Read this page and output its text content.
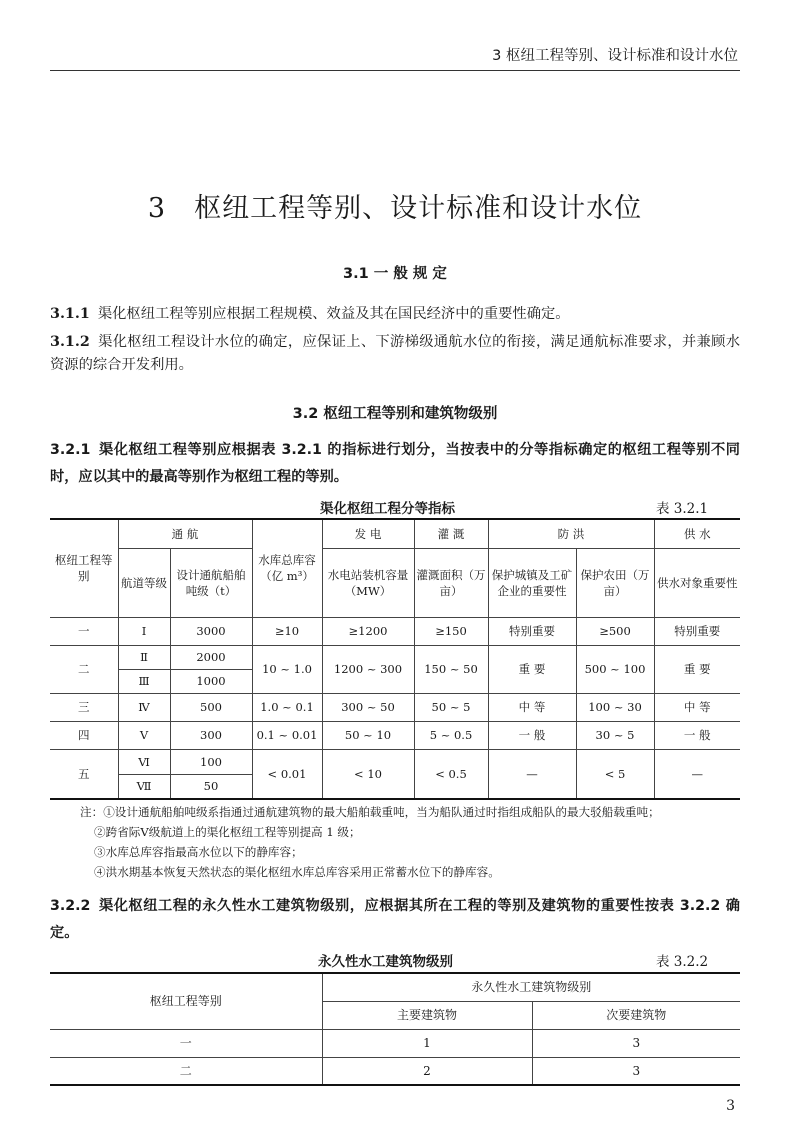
3 枢纽工程等别、设计标准和设计水位
3 枢纽工程等别、设计标准和设计水位
3.1 一 般 规 定
3.1.1 渠化枢纽工程等别应根据工程规模、效益及其在国民经济中的重要性确定。
3.1.2 渠化枢纽工程设计水位的确定，应保证上、下游梯级通航水位的衔接，满足通航标准要求，并兼顾水资源的综合开发利用。
3.2 枢纽工程等别和建筑物级别
3.2.1 渠化枢纽工程等别应根据表 3.2.1 的指标进行划分，当按表中的分等指标确定的枢纽工程等别不同时，应以其中的最高等别作为枢纽工程的等别。
渠化枢纽工程分等指标	表 3.2.1
枢纽工程等别	通 航		水库总库容（亿 m³）	发 电	灌 溉	防 洪		供 水
	航道等级	设计通航船舶吨级（t）		水电站装机容量（MW）	灌溉面积（万亩）	保护城镇及工矿企业的重要性	保护农田（万亩）	供水对象重要性
一	Ⅰ	3000	≥10	≥1200	≥150	特别重要	≥500	特别重要
二	Ⅱ	2000	10 ~ 1.0	1200 ~ 300	150 ~ 50	重 要	500 ~ 100	重 要
	Ⅲ	1000						
三	Ⅳ	500	1.0 ~ 0.1	300 ~ 50	50 ~ 5	中 等	100 ~ 30	中 等
四	Ⅴ	300	0.1 ~ 0.01	50 ~ 10	5 ~ 0.5	一 般	30 ~ 5	一 般
五	Ⅵ	100	< 0.01	< 10	< 0.5	—	< 5	—
	Ⅶ	50						
注：①设计通航船舶吨级系指通过通航建筑物的最大船舶载重吨，当为船队通过时指组成船队的最大驳船载重吨；
②跨省际Ⅴ级航道上的渠化枢纽工程等别提高 1 级；
③水库总库容指最高水位以下的静库容；
④洪水期基本恢复天然状态的渠化枢纽水库总库容采用正常蓄水位下的静库容。
3.2.2 渠化枢纽工程的永久性水工建筑物级别，应根据其所在工程的等别及建筑物的重要性按表 3.2.2 确定。
永久性水工建筑物级别	表 3.2.2
枢纽工程等别	永久性水工建筑物级别	
	主要建筑物	次要建筑物
一	1	3
二	2	3
3
